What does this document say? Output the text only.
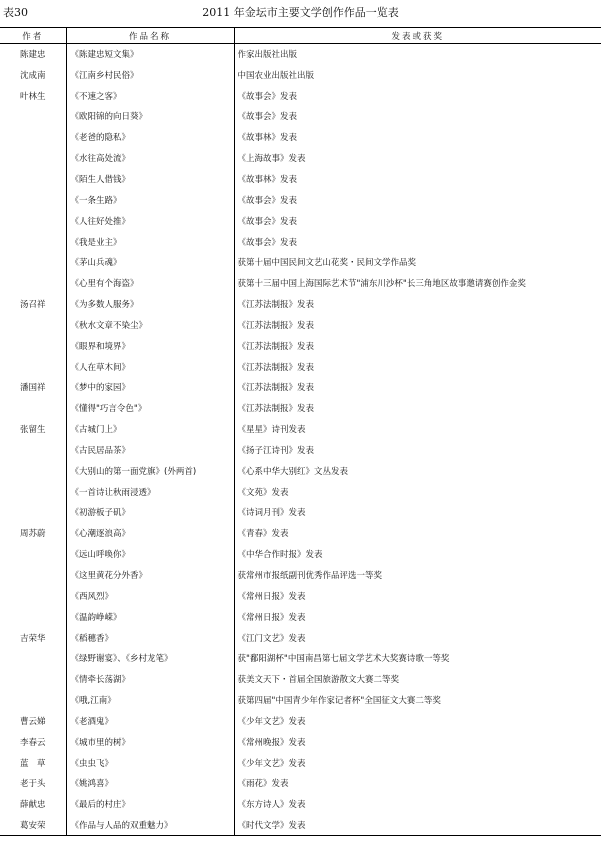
表30	2011 年金坛市主要文学创作作品一览表
作者	作品名称	发表或获奖
陈建忠	《陈建忠短文集》	作家出版社出版
沈成南	《江南乡村民俗》	中国农业出版社出版
叶林生	《不速之客》	《故事会》发表
	《欧阳锦的向日葵》	《故事会》发表
	《老爸的隐私》	《故事林》发表
	《水往高处流》	《上海故事》发表
	《陌生人借钱》	《故事林》发表
	《一条生路》	《故事会》发表
	《人往好处推》	《故事会》发表
	《我是业主》	《故事会》发表
	《茅山兵魂》	获第十届中国民间文艺山花奖・民间文学作品奖
	《心里有个海盗》	获第十三届中国上海国际艺术节"浦东川沙杯"长三角地区故事邀请赛创作金奖
汤召祥	《为多数人服务》	《江苏法制报》发表
	《秋水文章不染尘》	《江苏法制报》发表
	《眼界和境界》	《江苏法制报》发表
	《人在草木间》	《江苏法制报》发表
潘国祥	《梦中的家园》	《江苏法制报》发表
	《懂得"巧言令色"》	《江苏法制报》发表
张留生	《古城门上》	《星星》诗刊发表
	《古民居品茶》	《扬子江诗刊》发表
	《大别山的第一面党旗》(外两首)	《心系中华大别红》文丛发表
	《一首诗让秋雨浸透》	《文苑》发表
	《初游板子矶》	《诗词月刊》发表
周苏蔚	《心潮逐浪高》	《青春》发表
	《远山呼唤你》	《中华合作时报》发表
	《这里黄花分外香》	获常州市报纸副刊优秀作品评选一等奖
	《西风烈》	《常州日报》发表
	《温韵峥嵘》	《常州日报》发表
吉荣华	《稻穗香》	《江门文艺》发表
	《绿野谢宴》、《乡村龙笔》	获"鄱阳湖杯"中国南昌第七届文学艺术大奖赛诗歌一等奖
	《情牵长荡湖》	获美文天下・首届全国旅游散文大赛二等奖
	《哦,江南》	获第四届"中国青少年作家记者杯"全国征文大赛二等奖
曹云娣	《老酒鬼》	《少年文艺》发表
李春云	《城市里的树》	《常州晚报》发表
蓝　草	《虫虫飞》	《少年文艺》发表
老于头	《姚鸿喜》	《雨花》发表
薛献忠	《最后的村庄》	《东方诗人》发表
葛安荣	《作品与人品的双重魅力》	《时代文学》发表
